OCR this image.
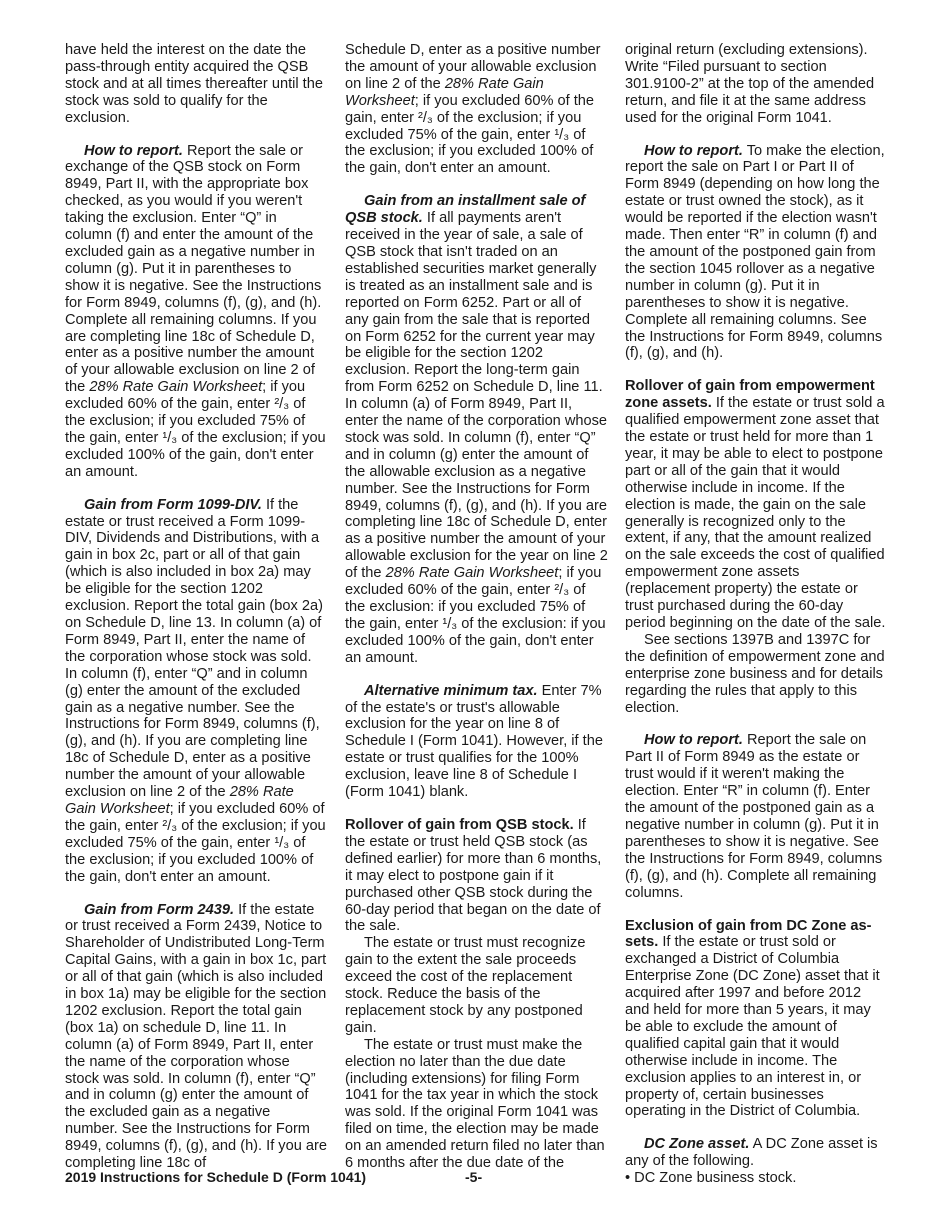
have held the interest on the date the pass-through entity acquired the QSB stock and at all times thereafter until the stock was sold to qualify for the exclusion.

How to report. Report the sale or exchange of the QSB stock on Form 8949, Part II, with the appropriate box checked, as you would if you weren't taking the exclusion. Enter “Q” in column (f) and enter the amount of the excluded gain as a negative number in column (g). Put it in parentheses to show it is negative. See the Instructions for Form 8949, columns (f), (g), and (h). Complete all remaining columns. If you are completing line 18c of Schedule D, enter as a positive number the amount of your allowable exclusion on line 2 of the 28% Rate Gain Worksheet; if you excluded 60% of the gain, enter ²/₃ of the exclusion; if you excluded 75% of the gain, enter ¹/₃ of the exclusion; if you excluded 100% of the gain, don't enter an amount.

Gain from Form 1099-DIV. If the estate or trust received a Form 1099-DIV, Dividends and Distributions, with a gain in box 2c, part or all of that gain (which is also included in box 2a) may be eligible for the section 1202 exclusion. Report the total gain (box 2a) on Schedule D, line 13. In column (a) of Form 8949, Part II, enter the name of the corporation whose stock was sold. In column (f), enter “Q” and in column (g) enter the amount of the excluded gain as a negative number. See the Instructions for Form 8949, columns (f), (g), and (h). If you are completing line 18c of Schedule D, enter as a positive number the amount of your allowable exclusion on line 2 of the 28% Rate Gain Worksheet; if you excluded 60% of the gain, enter ²/₃ of the exclusion; if you excluded 75% of the gain, enter ¹/₃ of the exclusion; if you excluded 100% of the gain, don't enter an amount.

Gain from Form 2439. If the estate or trust received a Form 2439, Notice to Shareholder of Undistributed Long-Term Capital Gains, with a gain in box 1c, part or all of that gain (which is also included in box 1a) may be eligible for the section 1202 exclusion. Report the total gain (box 1a) on schedule D, line 11. In column (a) of Form 8949, Part II, enter the name of the corporation whose stock was sold. In column (f), enter “Q” and in column (g) enter the amount of the excluded gain as a negative number. See the Instructions for Form 8949, columns (f), (g), and (h). If you are completing line 18c of

Schedule D, enter as a positive number the amount of your allowable exclusion on line 2 of the 28% Rate Gain Worksheet; if you excluded 60% of the gain, enter ²/₃ of the exclusion; if you excluded 75% of the gain, enter ¹/₃ of the exclusion; if you excluded 100% of the gain, don't enter an amount.

Gain from an installment sale of QSB stock. If all payments aren't received in the year of sale, a sale of QSB stock that isn't traded on an established securities market generally is treated as an installment sale and is reported on Form 6252. Part or all of any gain from the sale that is reported on Form 6252 for the current year may be eligible for the section 1202 exclusion. Report the long-term gain from Form 6252 on Schedule D, line 11. In column (a) of Form 8949, Part II, enter the name of the corporation whose stock was sold. In column (f), enter “Q” and in column (g) enter the amount of the allowable exclusion as a negative number. See the Instructions for Form 8949, columns (f), (g), and (h). If you are completing line 18c of Schedule D, enter as a positive number the amount of your allowable exclusion for the year on line 2 of the 28% Rate Gain Worksheet; if you excluded 60% of the gain, enter ²/₃ of the exclusion: if you excluded 75% of the gain, enter ¹/₃ of the exclusion: if you excluded 100% of the gain, don't enter an amount.

Alternative minimum tax. Enter 7% of the estate's or trust's allowable exclusion for the year on line 8 of Schedule I (Form 1041). However, if the estate or trust qualifies for the 100% exclusion, leave line 8 of Schedule I (Form 1041) blank.

Rollover of gain from QSB stock. If the estate or trust held QSB stock (as defined earlier) for more than 6 months, it may elect to postpone gain if it purchased other QSB stock during the 60-day period that began on the date of the sale.

The estate or trust must recognize gain to the extent the sale proceeds exceed the cost of the replacement stock. Reduce the basis of the replacement stock by any postponed gain.

The estate or trust must make the election no later than the due date (including extensions) for filing Form 1041 for the tax year in which the stock was sold. If the original Form 1041 was filed on time, the election may be made on an amended return filed no later than 6 months after the due date of the

original return (excluding extensions). Write “Filed pursuant to section 301.9100-2” at the top of the amended return, and file it at the same address used for the original Form 1041.

How to report. To make the election, report the sale on Part I or Part II of Form 8949 (depending on how long the estate or trust owned the stock), as it would be reported if the election wasn't made. Then enter “R” in column (f) and the amount of the postponed gain from the section 1045 rollover as a negative number in column (g). Put it in parentheses to show it is negative. Complete all remaining columns. See the Instructions for Form 8949, columns (f), (g), and (h).

Rollover of gain from empowerment zone assets. If the estate or trust sold a qualified empowerment zone asset that the estate or trust held for more than 1 year, it may be able to elect to postpone part or all of the gain that it would otherwise include in income. If the election is made, the gain on the sale generally is recognized only to the extent, if any, that the amount realized on the sale exceeds the cost of qualified empowerment zone assets (replacement property) the estate or trust purchased during the 60-day period beginning on the date of the sale.

See sections 1397B and 1397C for the definition of empowerment zone and enterprise zone business and for details regarding the rules that apply to this election.

How to report. Report the sale on Part II of Form 8949 as the estate or trust would if it weren't making the election. Enter “R” in column (f). Enter the amount of the postponed gain as a negative number in column (g). Put it in parentheses to show it is negative. See the Instructions for Form 8949, columns (f), (g), and (h). Complete all remaining columns.

Exclusion of gain from DC Zone as-sets. If the estate or trust sold or exchanged a District of Columbia Enterprise Zone (DC Zone) asset that it acquired after 1997 and before 2012 and held for more than 5 years, it may be able to exclude the amount of qualified capital gain that it would otherwise include in income. The exclusion applies to an interest in, or property of, certain businesses operating in the District of Columbia.

DC Zone asset. A DC Zone asset is any of the following.

• DC Zone business stock.

2019 Instructions for Schedule D (Form 1041)	-5-
